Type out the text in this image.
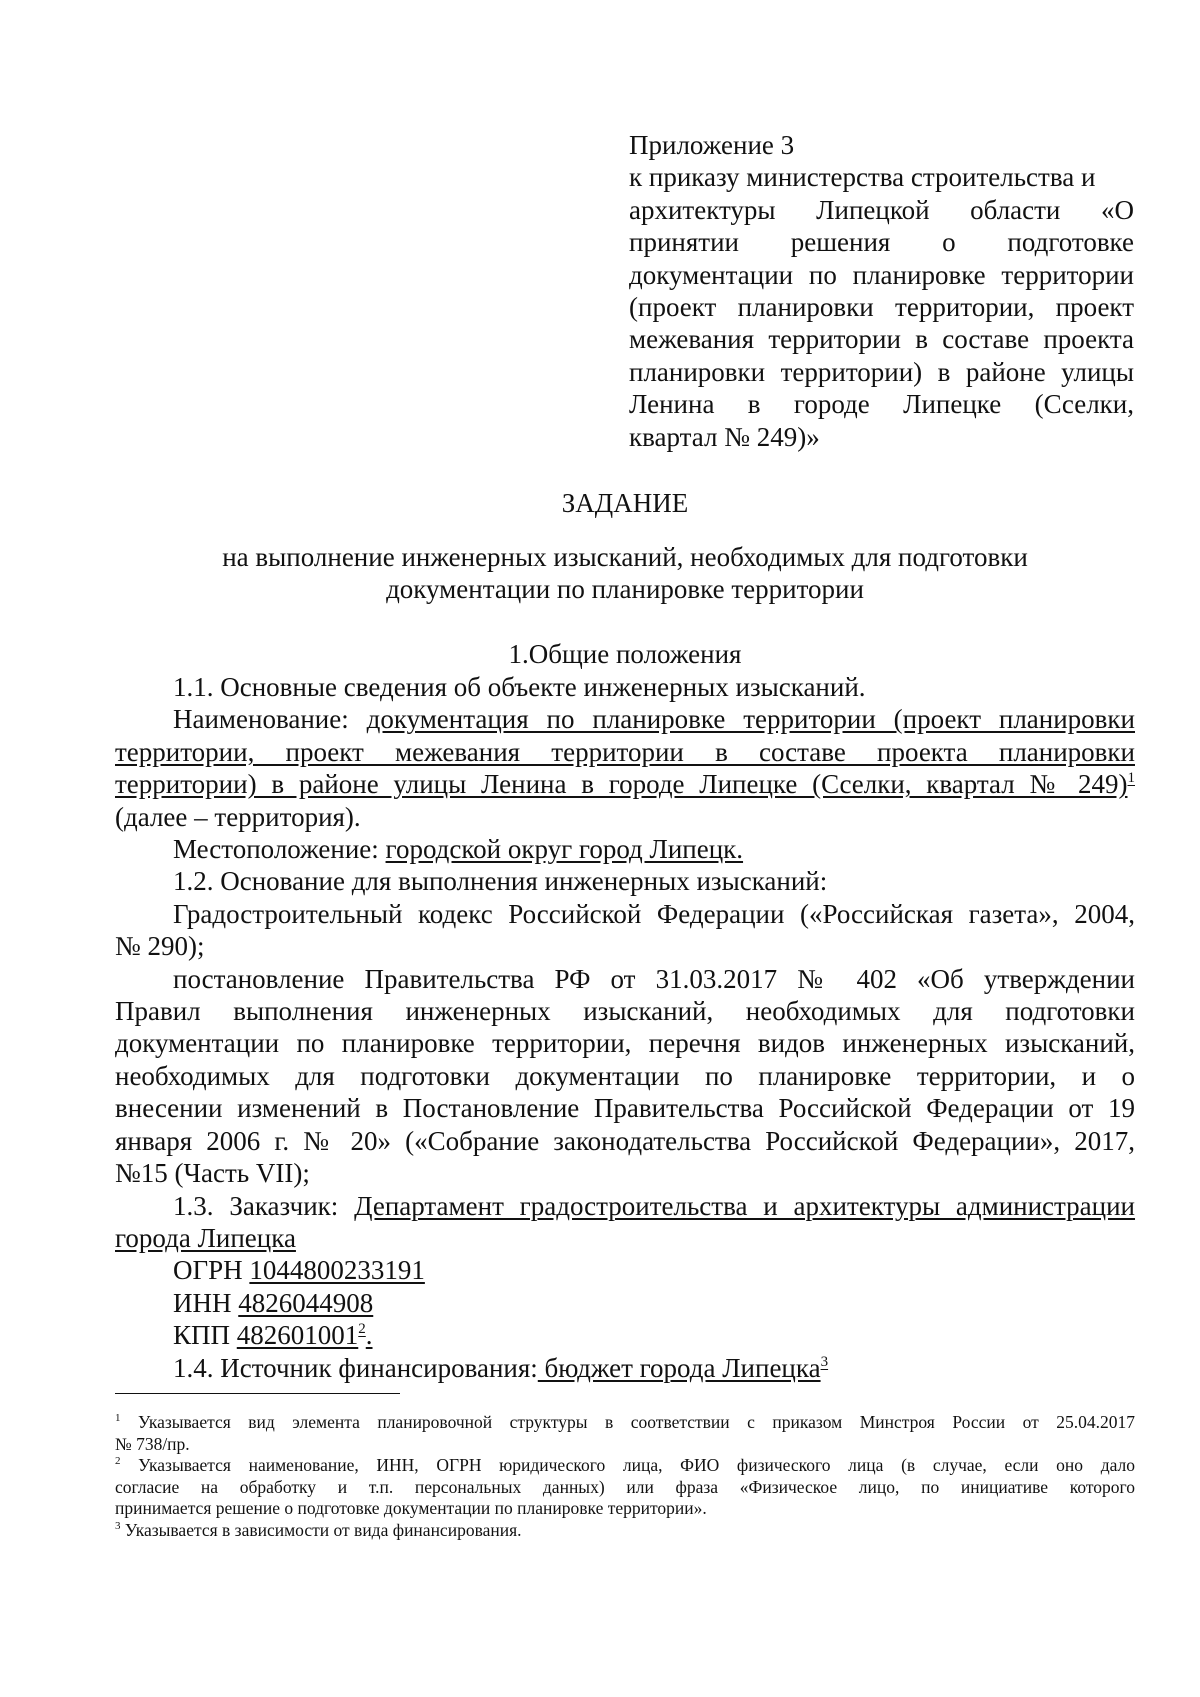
Приложение 3
к приказу министерства строительства и
архитектуры Липецкой области «О
принятии решения о подготовке
документации по планировке территории
(проект планировки территории, проект
межевания территории в составе проекта
планировки территории) в районе улицы
Ленина в городе Липецке (Сселки,
квартал № 249)»
ЗАДАНИЕ
на выполнение инженерных изысканий, необходимых для подготовки
документации по планировке территории
1.Общие положения

1.1. Основные сведения об объекте инженерных изысканий.

Наименование: документация по планировке территории (проект планировки

территории, проект межевания территории в составе проекта планировки

территории) в районе улицы Ленина в городе Липецке (Сселки, квартал № 249)$^1$

(далее – территория).

Местоположение: городской округ город Липецк.

1.2. Основание для выполнения инженерных изысканий:

Градостроительный кодекс Российской Федерации («Российская газета», 2004,

№ 290);

постановление Правительства РФ от 31.03.2017 № 402 «Об утверждении

Правил выполнения инженерных изысканий, необходимых для подготовки

документации по планировке территории, перечня видов инженерных изысканий,

необходимых для подготовки документации по планировке территории, и о

внесении изменений в Постановление Правительства Российской Федерации от 19

января 2006 г. № 20» («Собрание законодательства Российской Федерации», 2017,

№15 (Часть VII);

1.3. Заказчик: Департамент градостроительства и архитектуры администрации

города Липецка

ОГРН 1044800233191

ИНН 4826044908

КПП 482601001$^2$.

1.4. Источник финансирования: бюджет города Липецка$^3$

$^1$ Указывается вид элемента планировочной структуры в соответствии с приказом Минстроя России от 25.04.2017

№ 738/пр.

$^2$ Указывается наименование, ИНН, ОГРН юридического лица, ФИО физического лица (в случае, если оно дало

согласие на обработку и т.п. персональных данных) или фраза «Физическое лицо, по инициативе которого

принимается решение о подготовке документации по планировке территории».

$^3$ Указывается в зависимости от вида финансирования.
